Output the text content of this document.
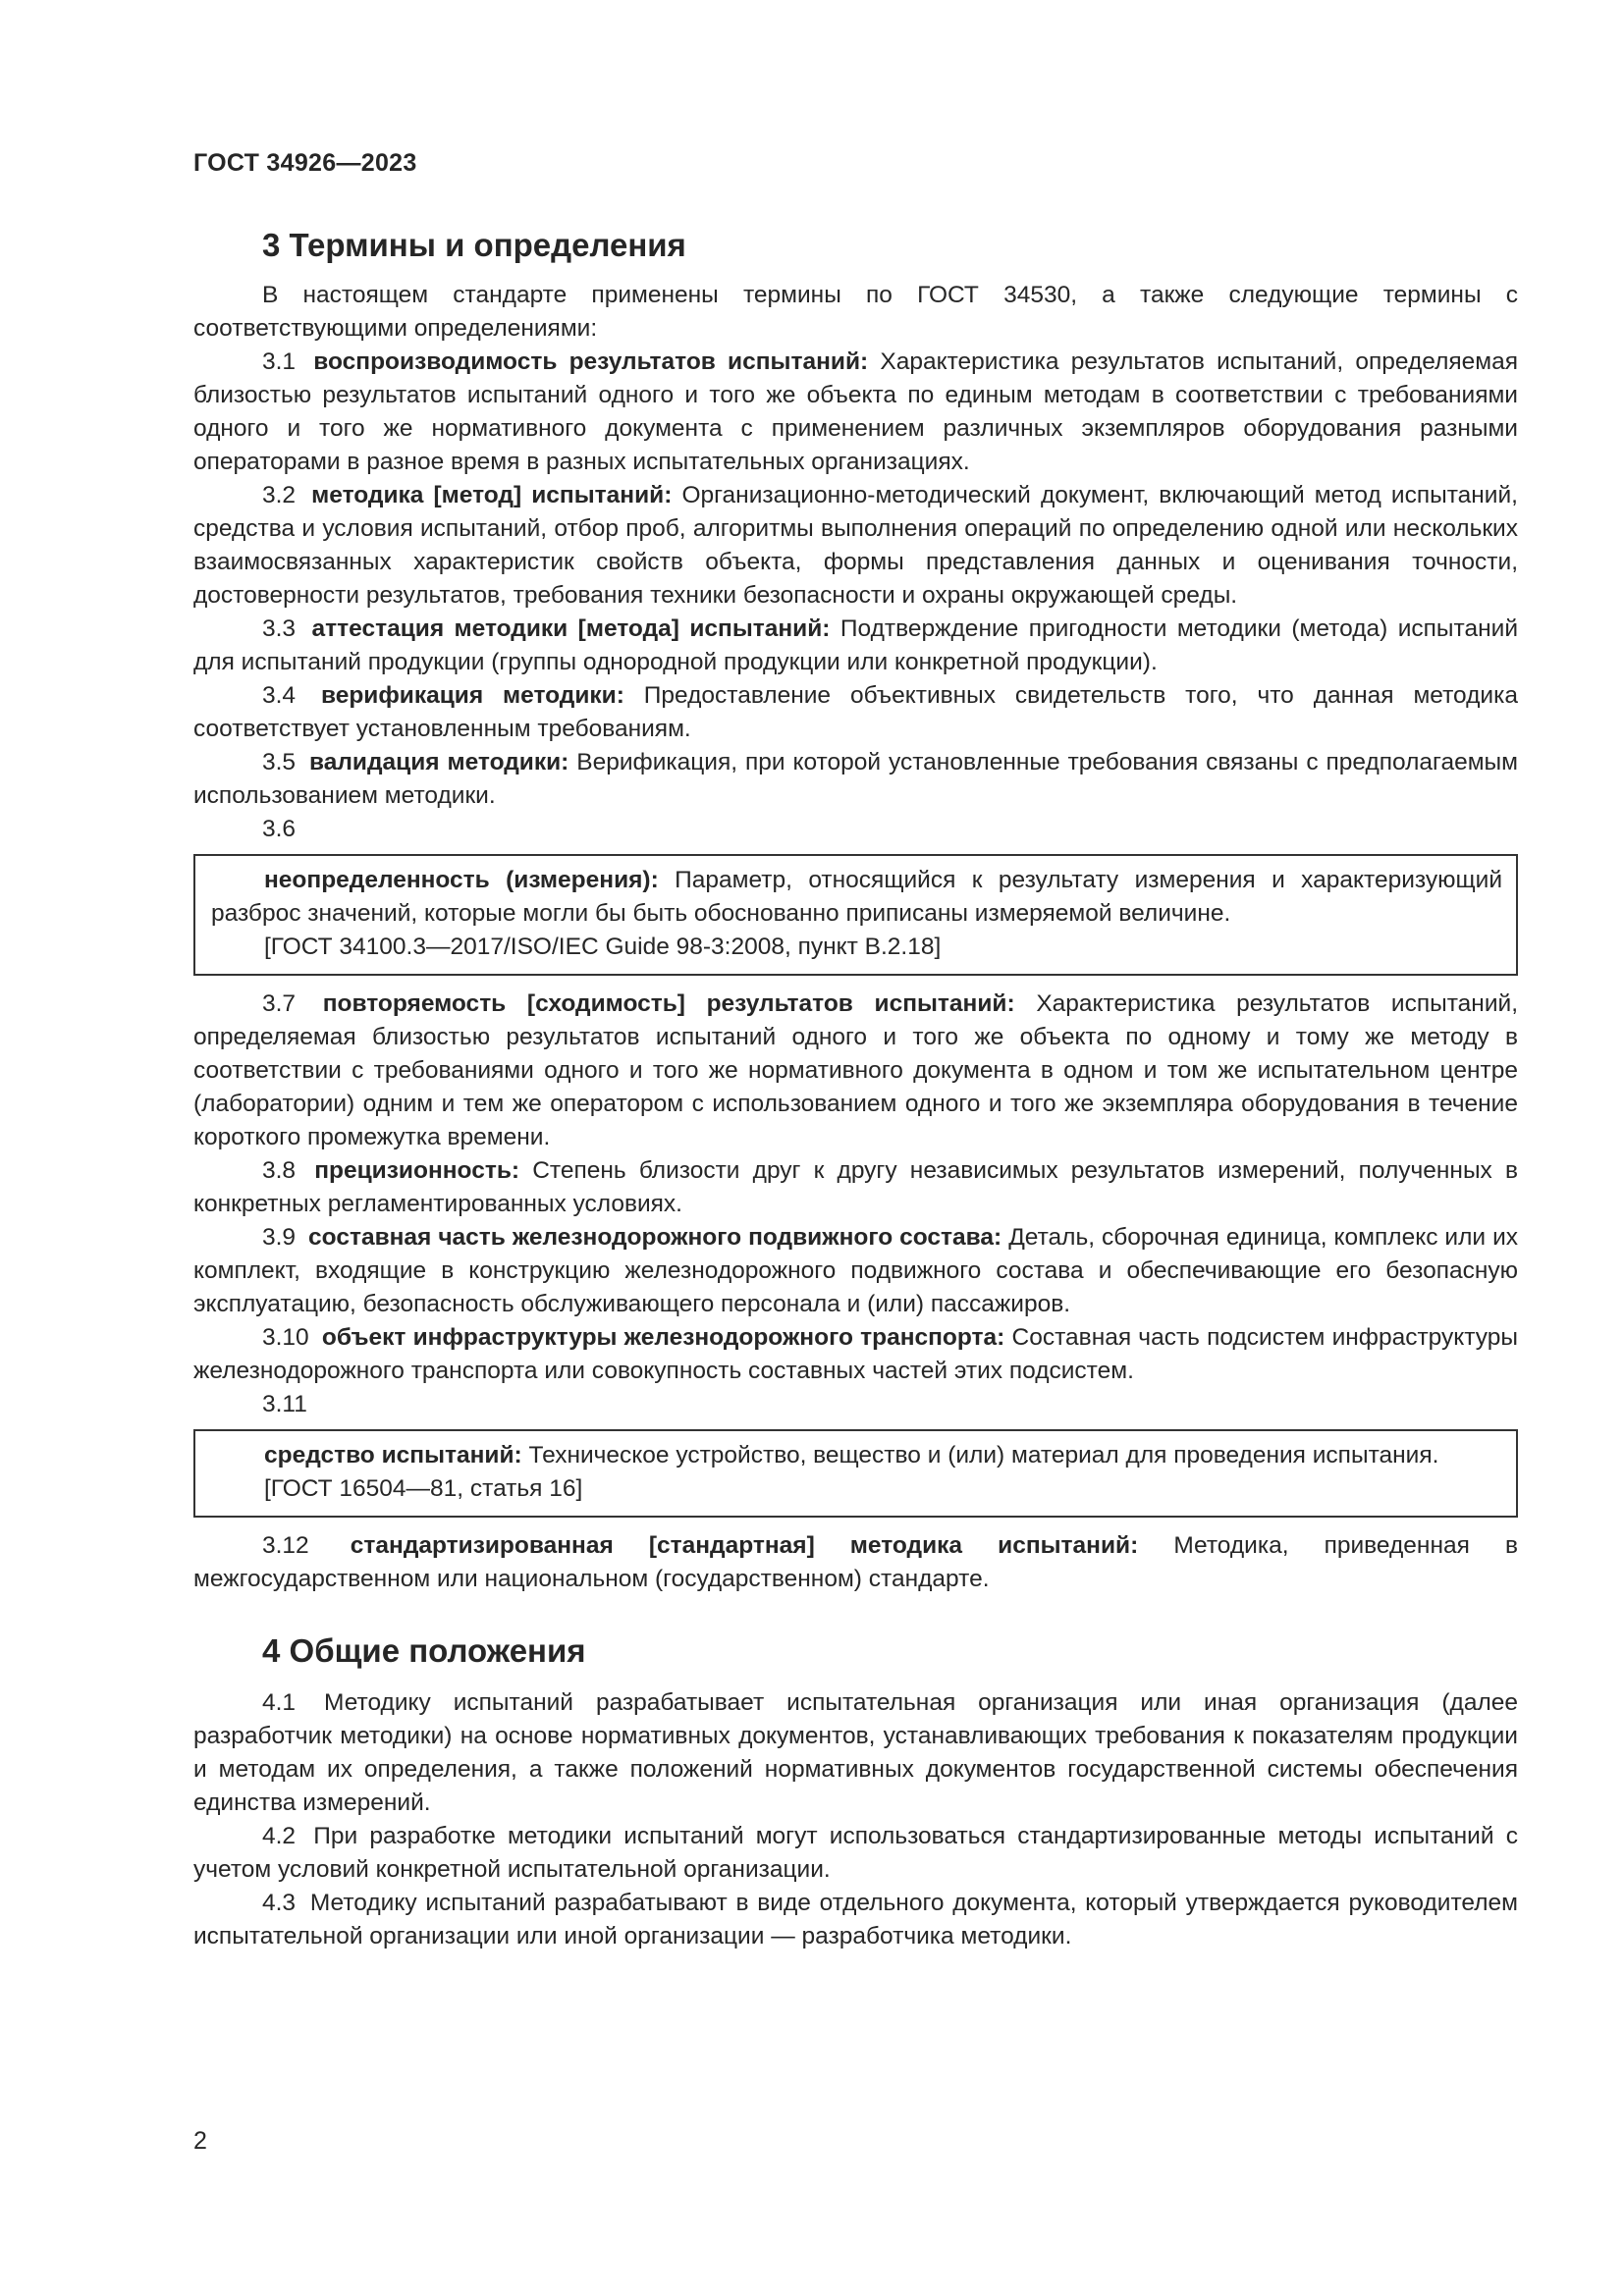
ГОСТ 34926—2023
3 Термины и определения

В настоящем стандарте применены термины по ГОСТ 34530, а также следующие термины с соответствующими определениями:

3.1 воспроизводимость результатов испытаний: Характеристика результатов испытаний, определяемая близостью результатов испытаний одного и того же объекта по единым методам в соответствии с требованиями одного и того же нормативного документа с применением различных экземпляров оборудования разными операторами в разное время в разных испытательных организациях.

3.2 методика [метод] испытаний: Организационно-методический документ, включающий метод испытаний, средства и условия испытаний, отбор проб, алгоритмы выполнения операций по определению одной или нескольких взаимосвязанных характеристик свойств объекта, формы представления данных и оценивания точности, достоверности результатов, требования техники безопасности и охраны окружающей среды.

3.3 аттестация методики [метода] испытаний: Подтверждение пригодности методики (метода) испытаний для испытаний продукции (группы однородной продукции или конкретной продукции).

3.4 верификация методики: Предоставление объективных свидетельств того, что данная методика соответствует установленным требованиям.

3.5 валидация методики: Верификация, при которой установленные требования связаны с предполагаемым использованием методики.

3.6

неопределенность (измерения): Параметр, относящийся к результату измерения и характеризующий разброс значений, которые могли бы быть обоснованно приписаны измеряемой величине.

[ГОСТ 34100.3—2017/ISO/IEC Guide 98-3:2008, пункт В.2.18]

3.7 повторяемость [сходимость] результатов испытаний: Характеристика результатов испытаний, определяемая близостью результатов испытаний одного и того же объекта по одному и тому же методу в соответствии с требованиями одного и того же нормативного документа в одном и том же испытательном центре (лаборатории) одним и тем же оператором с использованием одного и того же экземпляра оборудования в течение короткого промежутка времени.

3.8 прецизионность: Степень близости друг к другу независимых результатов измерений, полученных в конкретных регламентированных условиях.

3.9 составная часть железнодорожного подвижного состава: Деталь, сборочная единица, комплекс или их комплект, входящие в конструкцию железнодорожного подвижного состава и обеспечивающие его безопасную эксплуатацию, безопасность обслуживающего персонала и (или) пассажиров.

3.10 объект инфраструктуры железнодорожного транспорта: Составная часть подсистем инфраструктуры железнодорожного транспорта или совокупность составных частей этих подсистем.

3.11

средство испытаний: Техническое устройство, вещество и (или) материал для проведения испытания.

[ГОСТ 16504—81, статья 16]

3.12 стандартизированная [стандартная] методика испытаний: Методика, приведенная в межгосударственном или национальном (государственном) стандарте.

4 Общие положения

4.1 Методику испытаний разрабатывает испытательная организация или иная организация (далее разработчик методики) на основе нормативных документов, устанавливающих требования к показателям продукции и методам их определения, а также положений нормативных документов государственной системы обеспечения единства измерений.

4.2 При разработке методики испытаний могут использоваться стандартизированные методы испытаний с учетом условий конкретной испытательной организации.

4.3 Методику испытаний разрабатывают в виде отдельного документа, который утверждается руководителем испытательной организации или иной организации — разработчика методики.

2
